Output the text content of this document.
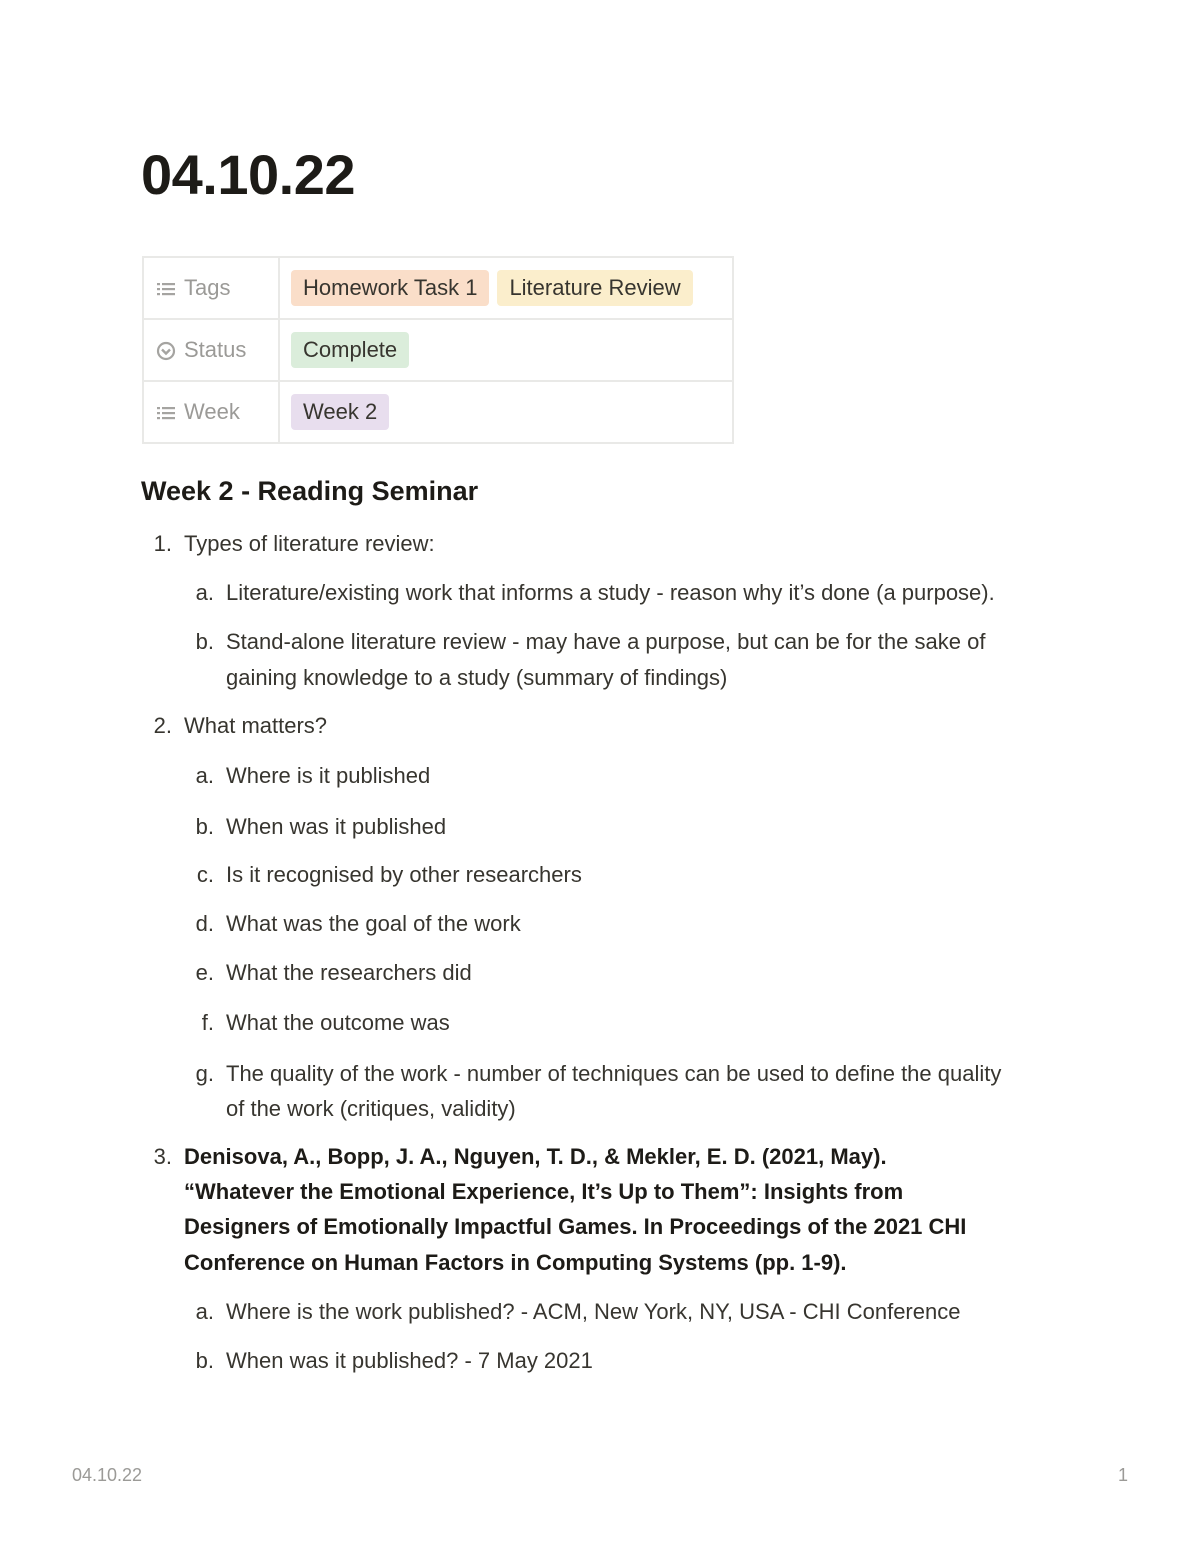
04.10.22
Tags	Homework Task 1 Literature Review

Status	Complete

Week	Week 2
Week 2 - Reading Seminar
1. Types of literature review:
a. Literature/existing work that informs a study - reason why it’s done (a purpose).
b. Stand-alone literature review - may have a purpose, but can be for the sake of
gaining knowledge to a study (summary of findings)
2. What matters?
a. Where is it published
b. When was it published
c. Is it recognised by other researchers
d. What was the goal of the work
e. What the researchers did
f. What the outcome was
g. The quality of the work - number of techniques can be used to define the quality
of the work (critiques, validity)
3. Denisova, A., Bopp, J. A., Nguyen, T. D., & Mekler, E. D. (2021, May).
“Whatever the Emotional Experience, It’s Up to Them”: Insights from
Designers of Emotionally Impactful Games. In Proceedings of the 2021 CHI
Conference on Human Factors in Computing Systems (pp. 1-9).
a. Where is the work published? - ACM, New York, NY, USA - CHI Conference
b. When was it published? - 7 May 2021
04.10.22	1
